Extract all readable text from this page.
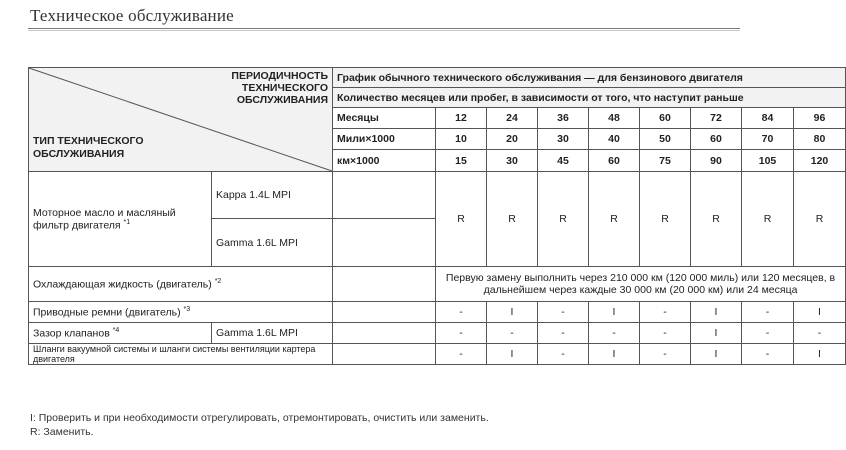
Техническое обслуживание
I: Проверить и при необходимости отрегулировать, отремонтировать, очистить или заменить.
R: Заменить.
ПЕРИОДИЧНОСТЬ ТЕХНИЧЕСКОГО ОБСЛУЖИВАНИЯ
ТИП ТЕХНИЧЕСКОГО ОБСЛУЖИВАНИЯ		График обычного технического обслуживания — для бензинового двигателя								
		Количество месяцев или пробег, в зависимости от того, что наступит раньше								
		Месяцы	12	24	36	48	60	72	84	96
		Мили×1000	10	20	30	40	50	60	70	80
		км×1000	15	30	45	60	75	90	105	120
Моторное масло и масляный фильтр двигателя $^{*1}$	Kappa 1.4L MPI		R	R	R	R	R	R	R	R
	Gamma 1.6L MPI									
Охлаждающая жидкость (двигатель) $^{*2}$			Первую замену выполнить через 210 000 км (120 000 миль) или 120 месяцев, в дальнейшем через каждые 30 000 км (20 000 км) или 24 месяца							
Приводные ремни (двигатель) $^{*3}$			-	I	-	I	-	I	-	I
Зазор клапанов $^{*4}$	Gamma 1.6L MPI		-	-	-	-	-	I	-	-
Шланги вакуумной системы и шланги системы вентиляции картера двигателя			-	I	-	I	-	I	-	I
